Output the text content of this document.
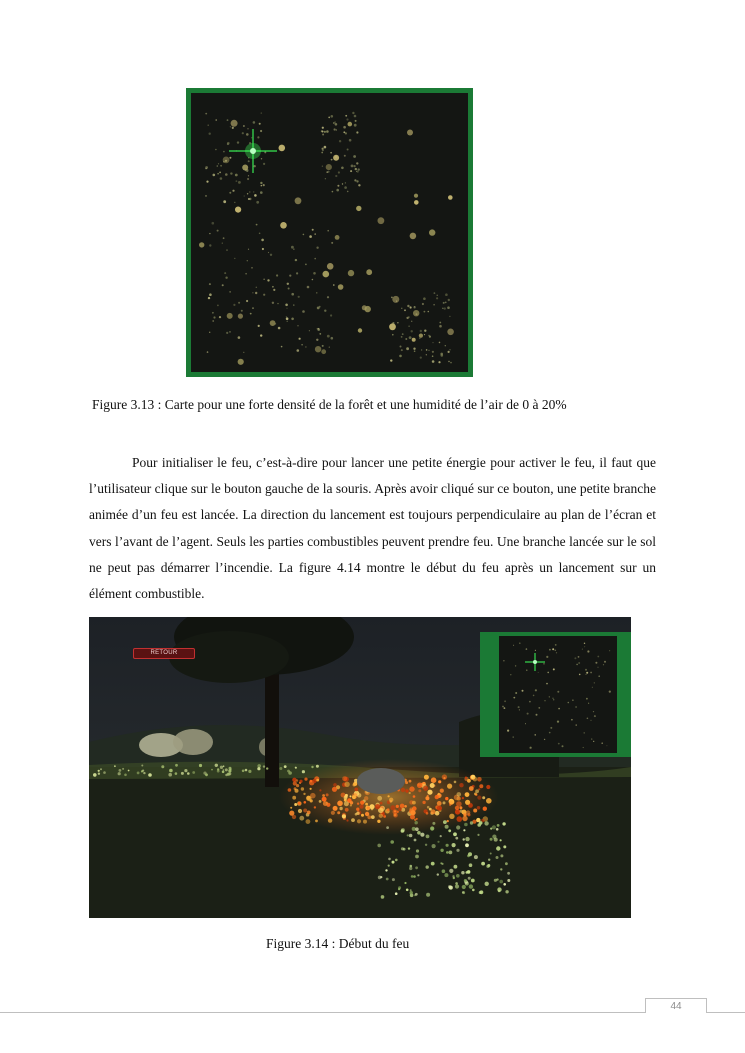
Figure 3.13 : Carte pour une forte densité de la forêt et une humidité de l’air de 0 à 20%

Pour initialiser le feu, c’est-à-dire pour lancer une petite énergie pour activer le feu, il faut que l’utilisateur clique sur le bouton gauche de la souris. Après avoir cliqué sur ce bouton, une petite branche animée d’un feu est lancée. La direction du lancement est toujours perpendiculaire au plan de l’écran et vers l’avant de l’agent. Seuls les parties combustibles peuvent prendre feu. Une branche lancée sur le sol ne peut pas démarrer l’incendie. La figure 4.14 montre le début du feu après un lancement sur un élément combustible.

RETOUR
Figure 3.14 : Début du feu
44
